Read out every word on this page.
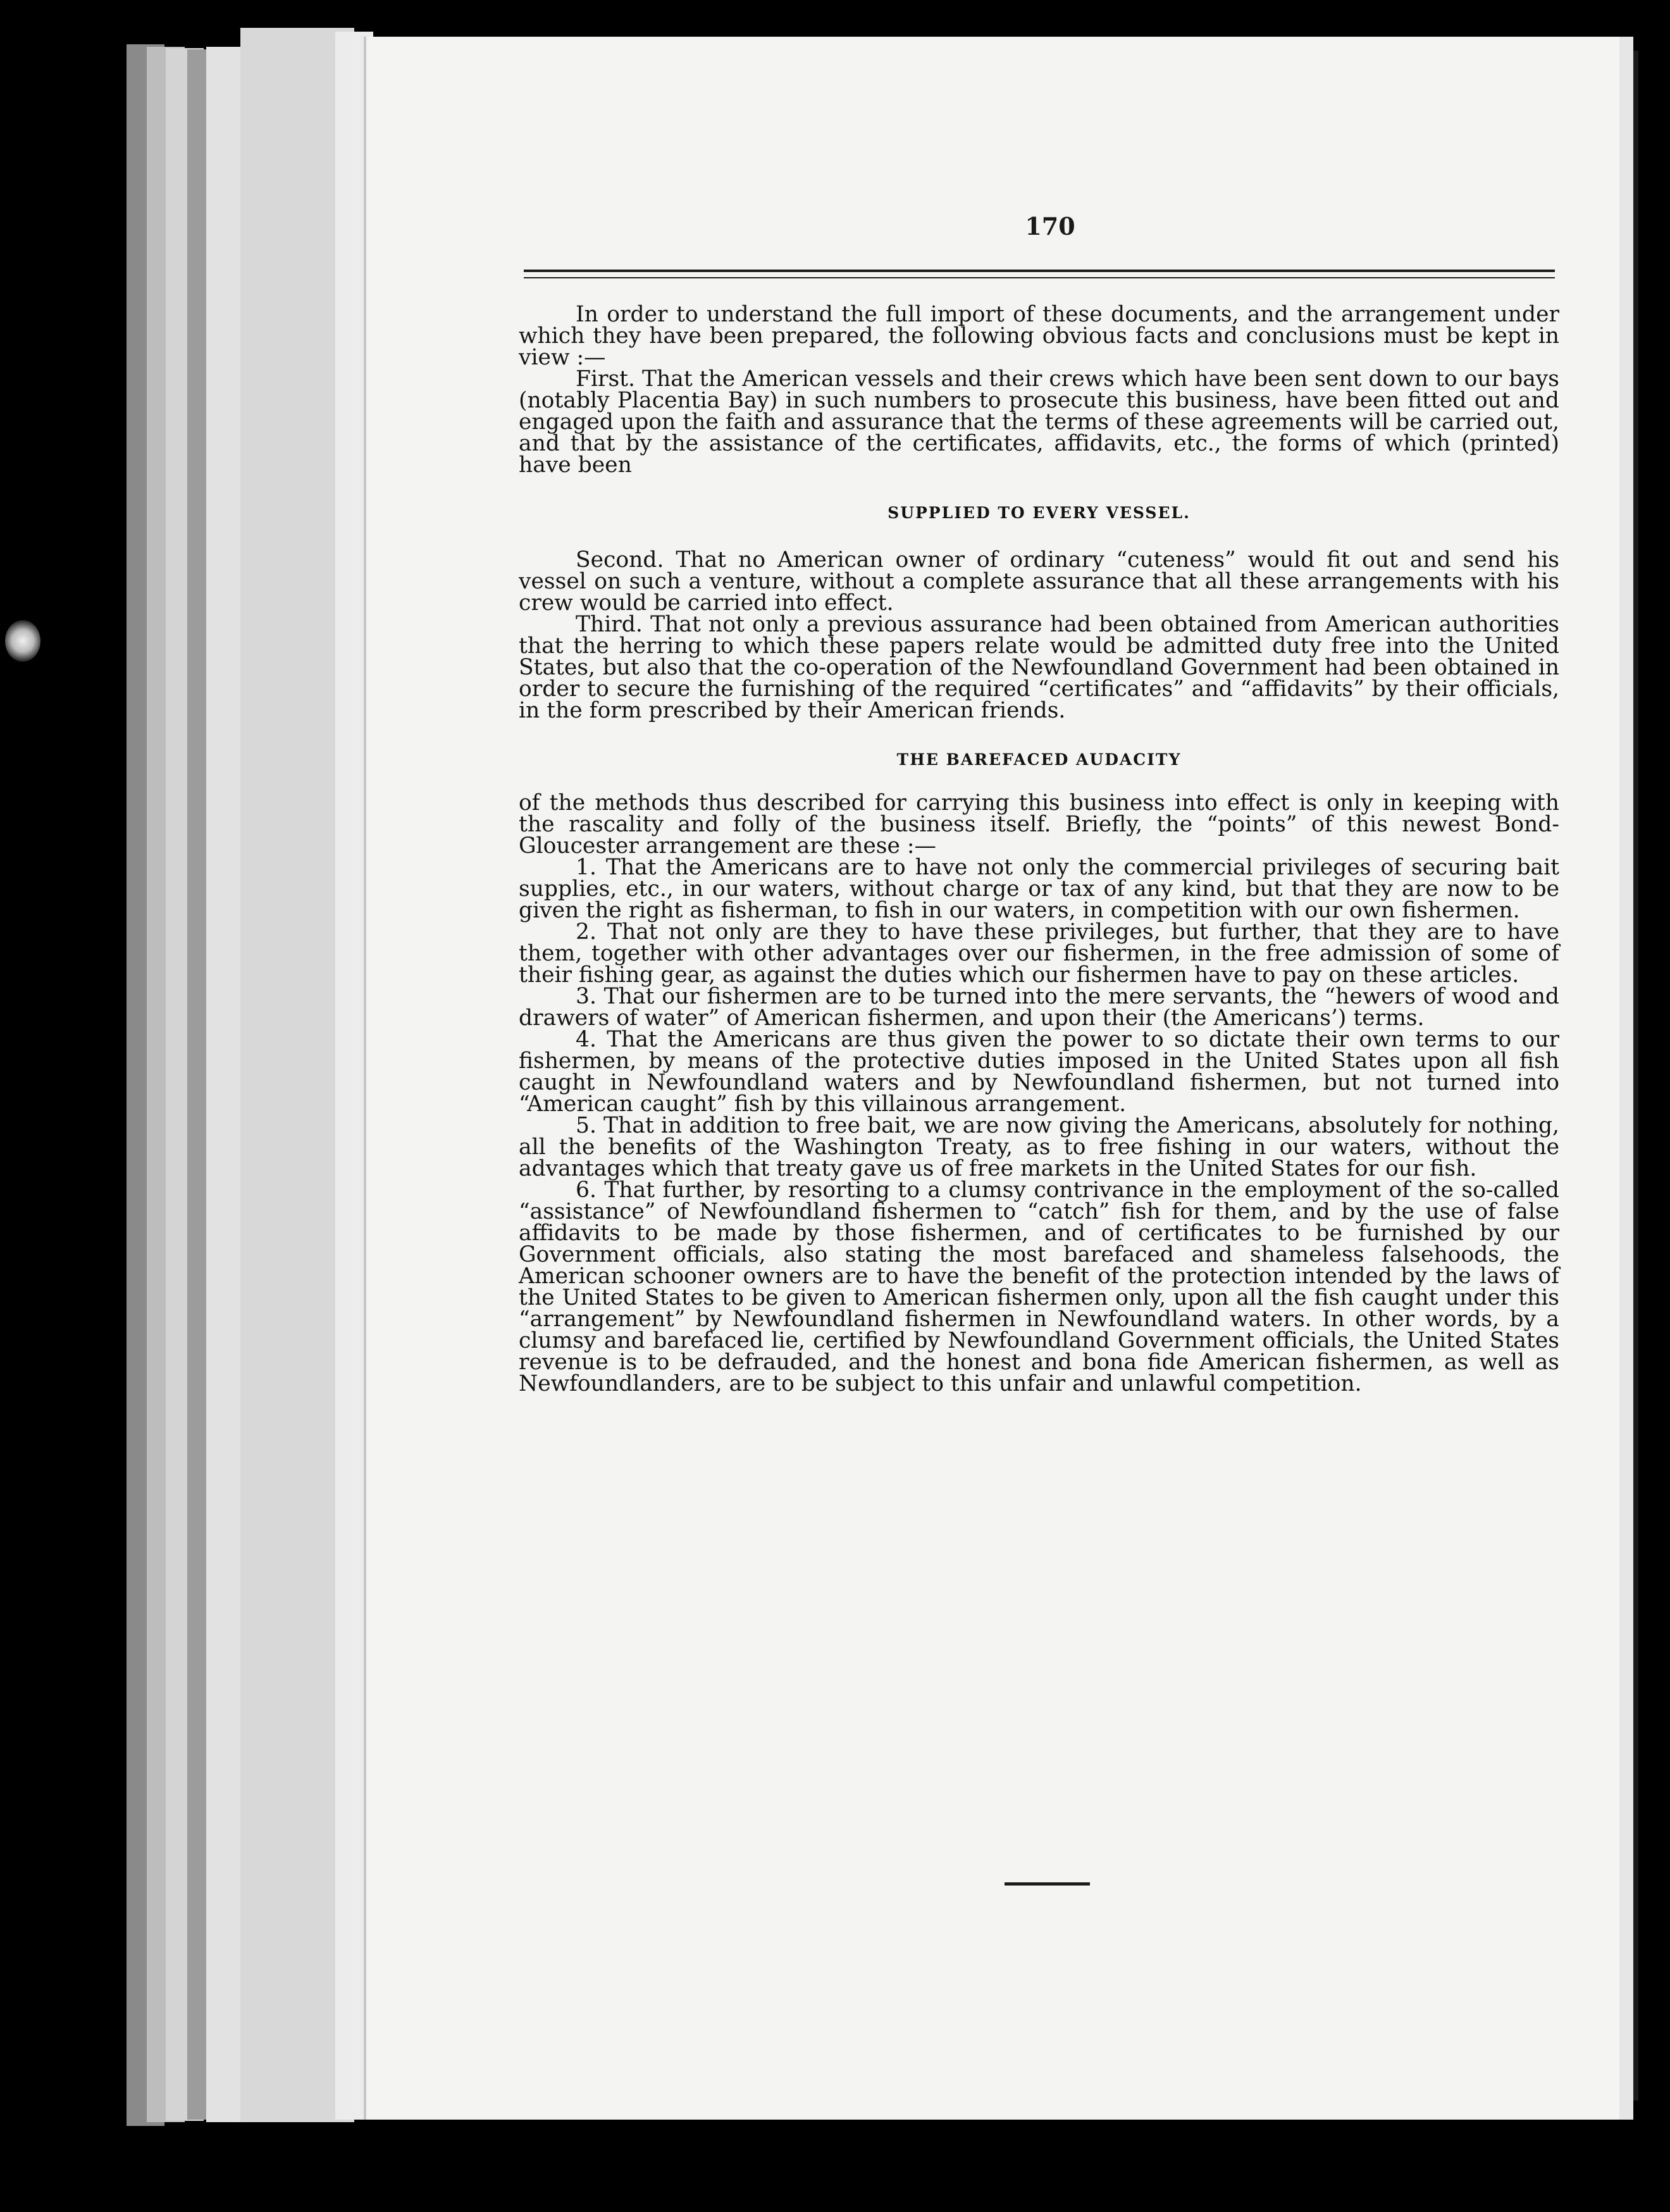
170

In order to understand the full import of these documents, and the arrangement under which they have been prepared, the following obvious facts and conclusions must be kept in view :—

First. That the American vessels and their crews which have been sent down to our bays (notably Placentia Bay) in such numbers to prosecute this business, have been fitted out and engaged upon the faith and assurance that the terms of these agreements will be carried out, and that by the assistance of the certificates, affidavits, etc., the forms of which (printed) have been

SUPPLIED TO EVERY VESSEL.

Second. That no American owner of ordinary “cuteness” would fit out and send his vessel on such a venture, without a complete assurance that all these arrangements with his crew would be carried into effect.

Third. That not only a previous assurance had been obtained from American authorities that the herring to which these papers relate would be admitted duty free into the United States, but also that the co-operation of the Newfoundland Government had been obtained in order to secure the furnishing of the required “certificates” and “affidavits” by their officials, in the form prescribed by their American friends.

THE BAREFACED AUDACITY

of the methods thus described for carrying this business into effect is only in keeping with the rascality and folly of the business itself. Briefly, the “points” of this newest Bond-Gloucester arrangement are these :—

1. That the Americans are to have not only the commercial privileges of securing bait supplies, etc., in our waters, without charge or tax of any kind, but that they are now to be given the right as fisherman, to fish in our waters, in competition with our own fishermen.

2. That not only are they to have these privileges, but further, that they are to have them, together with other advantages over our fishermen, in the free admission of some of their fishing gear, as against the duties which our fishermen have to pay on these articles.

3. That our fishermen are to be turned into the mere servants, the “hewers of wood and drawers of water” of American fishermen, and upon their (the Americans’) terms.

4. That the Americans are thus given the power to so dictate their own terms to our fishermen, by means of the protective duties imposed in the United States upon all fish caught in Newfoundland waters and by Newfoundland fishermen, but not turned into “American caught” fish by this villainous arrangement.

5. That in addition to free bait, we are now giving the Americans, absolutely for nothing, all the benefits of the Washington Treaty, as to free fishing in our waters, without the advantages which that treaty gave us of free markets in the United States for our fish.

6. That further, by resorting to a clumsy contrivance in the employment of the so-called “assistance” of Newfoundland fishermen to “catch” fish for them, and by the use of false affidavits to be made by those fishermen, and of certificates to be furnished by our Government officials, also stating the most barefaced and shameless falsehoods, the American schooner owners are to have the benefit of the protection intended by the laws of the United States to be given to American fishermen only, upon all the fish caught under this “arrangement” by Newfoundland fishermen in Newfoundland waters. In other words, by a clumsy and barefaced lie, certified by Newfoundland Government officials, the United States revenue is to be defrauded, and the honest and bona fide American fishermen, as well as Newfoundlanders, are to be subject to this unfair and unlawful competition.
